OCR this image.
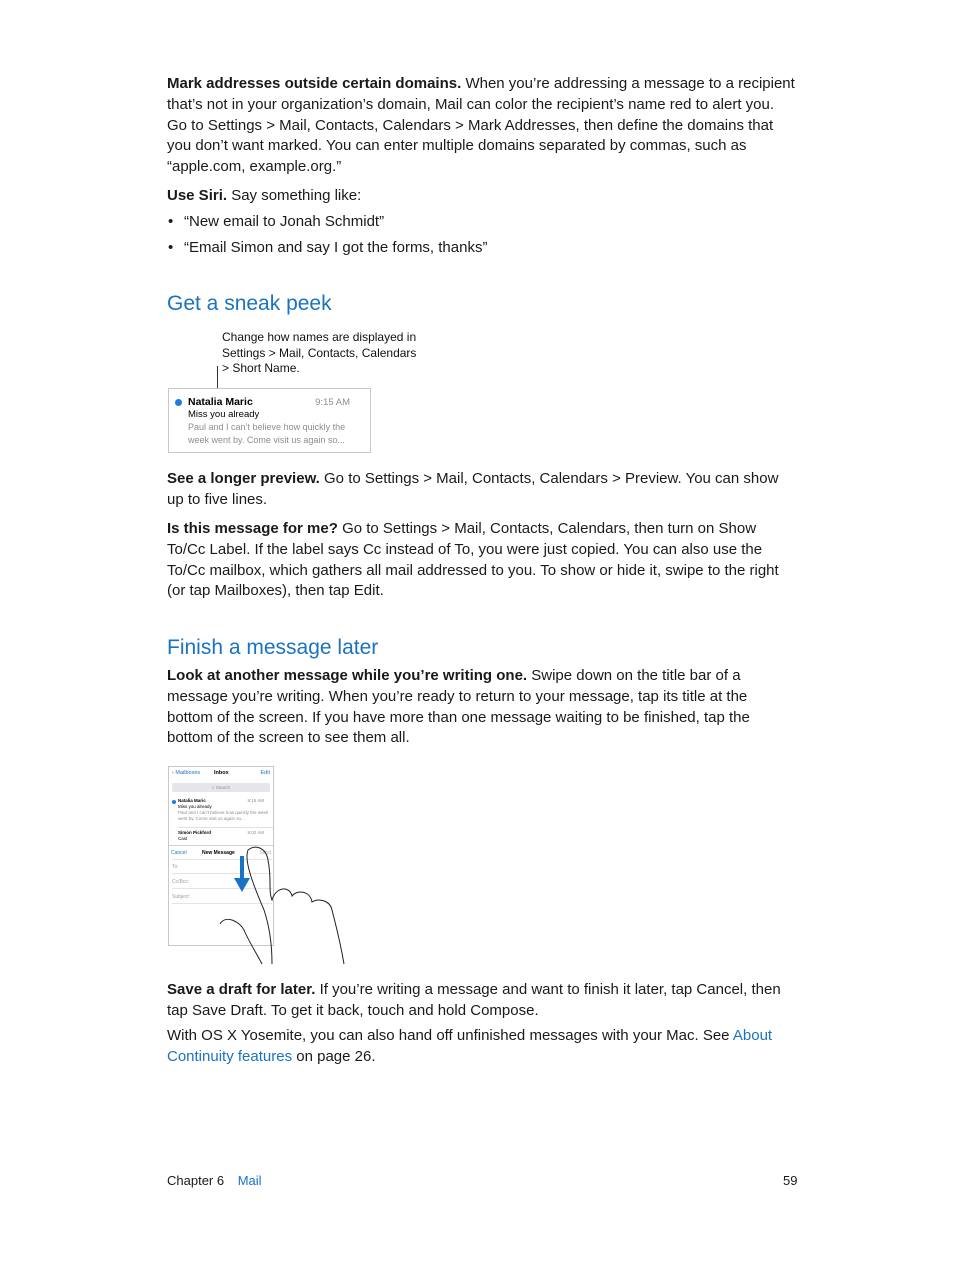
Mark addresses outside certain domains. When you’re addressing a message to a recipient that’s not in your organization’s domain, Mail can color the recipient’s name red to alert you. Go to Settings > Mail, Contacts, Calendars > Mark Addresses, then define the domains that you don’t want marked. You can enter multiple domains separated by commas, such as “apple.com, example.org.”

Use Siri. Say something like:

• “New email to Jonah Schmidt”
• “Email Simon and say I got the forms, thanks”
Get a sneak peek
Change how names are displayed in Settings > Mail, Contacts, Calendars > Short Name.
Natalia Maric	9:15 AM
Miss you already
Paul and I can’t believe how quickly the week went by. Come visit us again so...

See a longer preview. Go to Settings > Mail, Contacts, Calendars > Preview. You can show up to five lines.

Is this message for me? Go to Settings > Mail, Contacts, Calendars, then turn on Show To/Cc Label. If the label says Cc instead of To, you were just copied. You can also use the To/Cc mailbox, which gathers all mail addressed to you. To show or hide it, swipe to the right (or tap Mailboxes), then tap Edit.

Finish a message later

Look at another message while you’re writing one. Swipe down on the title bar of a message you’re writing. When you’re ready to return to your message, tap its title at the bottom of the screen. If you have more than one message waiting to be finished, tap the bottom of the screen to see them all.

‹ Mailboxes	Inbox	Edit
⌕ Search
Natalia Maric	9:15 AM
Miss you already
Paul and I can’t believe how quickly the week went by. Come visit us again so...
Simon Pickford	9:02 AM
Cast
Cancel	New Message	Send
To:
Cc/Bcc:
Subject:

Save a draft for later. If you’re writing a message and want to finish it later, tap Cancel, then tap Save Draft. To get it back, touch and hold Compose.

With OS X Yosemite, you can also hand off unfinished messages with your Mac. See About Continuity features on page 26.

Chapter 6 Mail	59
